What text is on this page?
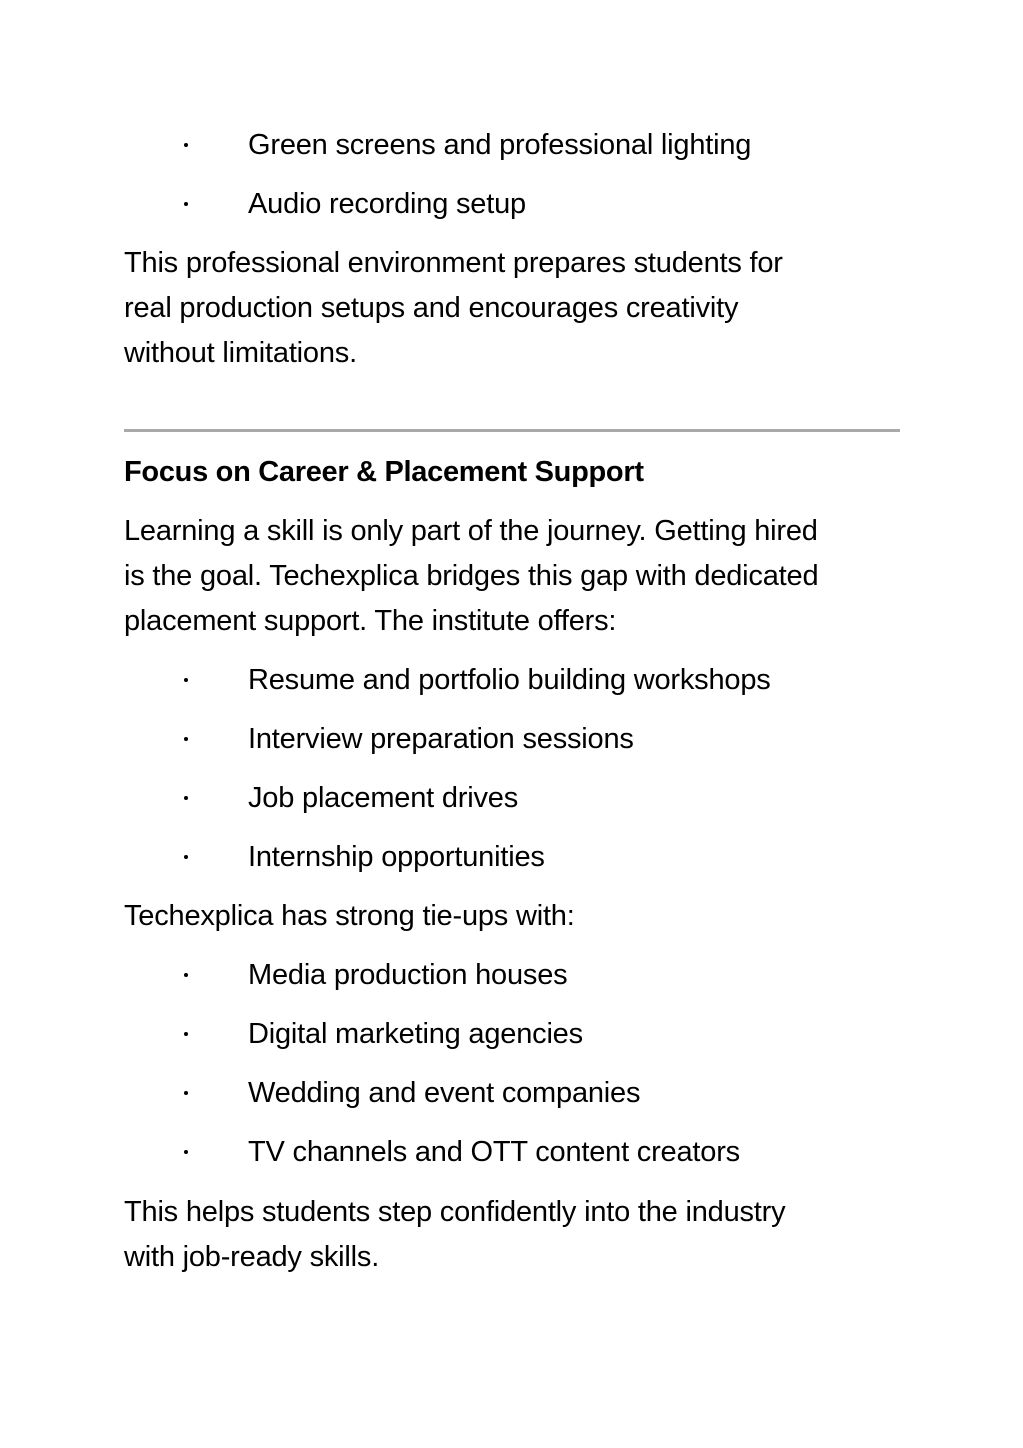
Green screens and professional lighting
Audio recording setup
This professional environment prepares students for
real production setups and encourages creativity
without limitations.
Focus on Career & Placement Support
Learning a skill is only part of the journey. Getting hired
is the goal. Techexplica bridges this gap with dedicated
placement support. The institute offers:
Resume and portfolio building workshops
Interview preparation sessions
Job placement drives
Internship opportunities
Techexplica has strong tie-ups with:
Media production houses
Digital marketing agencies
Wedding and event companies
TV channels and OTT content creators
This helps students step confidently into the industry
with job-ready skills.
